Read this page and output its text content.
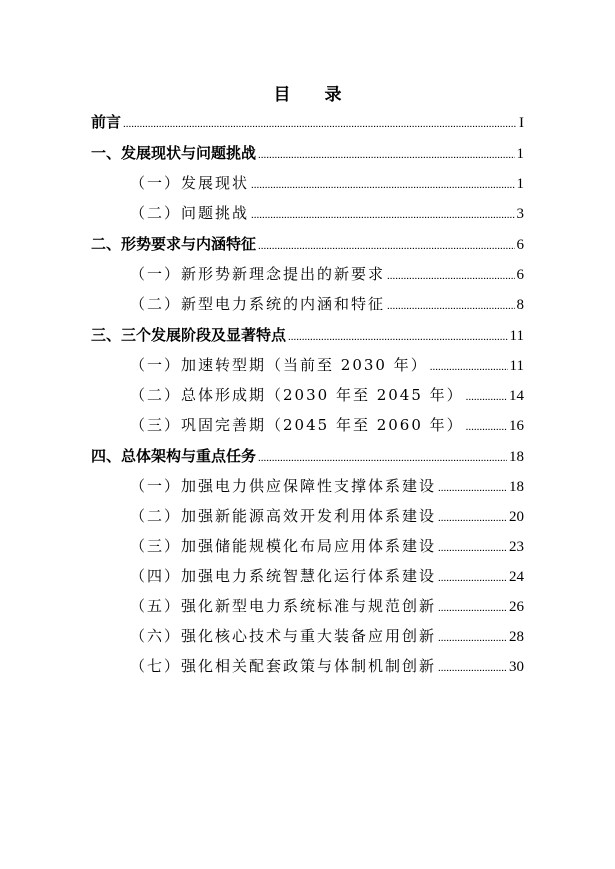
目 录
前言 .....	I
一、发展现状与问题挑战 .....	1
（一）发展现状 .....	1
（二）问题挑战 .....	3
二、形势要求与内涵特征 .....	6
（一）新形势新理念提出的新要求 .....	6
（二）新型电力系统的内涵和特征 .....	8
三、三个发展阶段及显著特点 .....	11
（一）加速转型期（当前至 2030 年） .....	11
（二）总体形成期（2030 年至 2045 年） .....	14
（三）巩固完善期（2045 年至 2060 年） .....	16
四、总体架构与重点任务 .....	18
（一）加强电力供应保障性支撑体系建设 .....	18
（二）加强新能源高效开发利用体系建设 .....	20
（三）加强储能规模化布局应用体系建设 .....	23
（四）加强电力系统智慧化运行体系建设 .....	24
（五）强化新型电力系统标准与规范创新 .....	26
（六）强化核心技术与重大装备应用创新 .....	28
（七）强化相关配套政策与体制机制创新 .....	30
